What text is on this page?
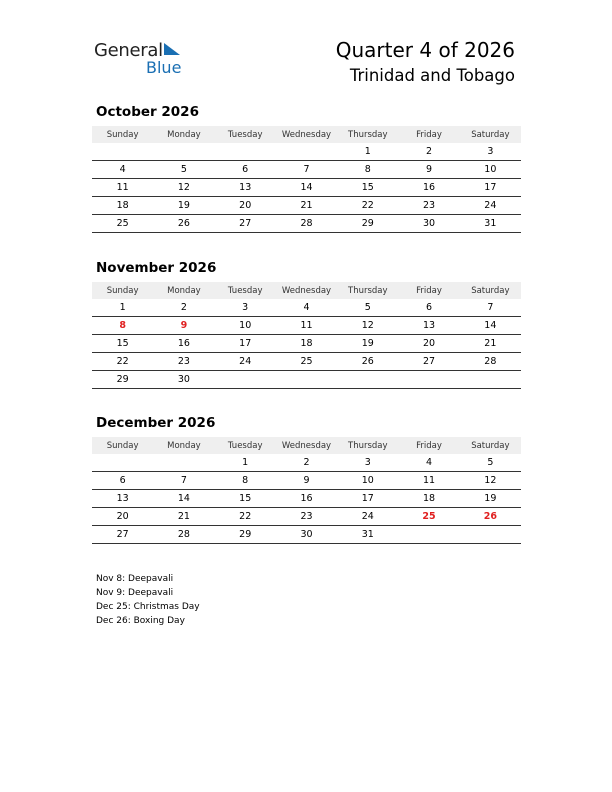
General
Blue
Quarter 4 of 2026
Trinidad and Tobago
October 2026
Sunday	Monday	Tuesday	Wednesday	Thursday	Friday	Saturday
				1	2	3
4	5	6	7	8	9	10
11	12	13	14	15	16	17
18	19	20	21	22	23	24
25	26	27	28	29	30	31
November 2026
Sunday	Monday	Tuesday	Wednesday	Thursday	Friday	Saturday
1	2	3	4	5	6	7
8	9	10	11	12	13	14
15	16	17	18	19	20	21
22	23	24	25	26	27	28
29	30					
December 2026
Sunday	Monday	Tuesday	Wednesday	Thursday	Friday	Saturday
		1	2	3	4	5
6	7	8	9	10	11	12
13	14	15	16	17	18	19
20	21	22	23	24	25	26
27	28	29	30	31		
Nov 8: Deepavali
Nov 9: Deepavali
Dec 25: Christmas Day
Dec 26: Boxing Day
